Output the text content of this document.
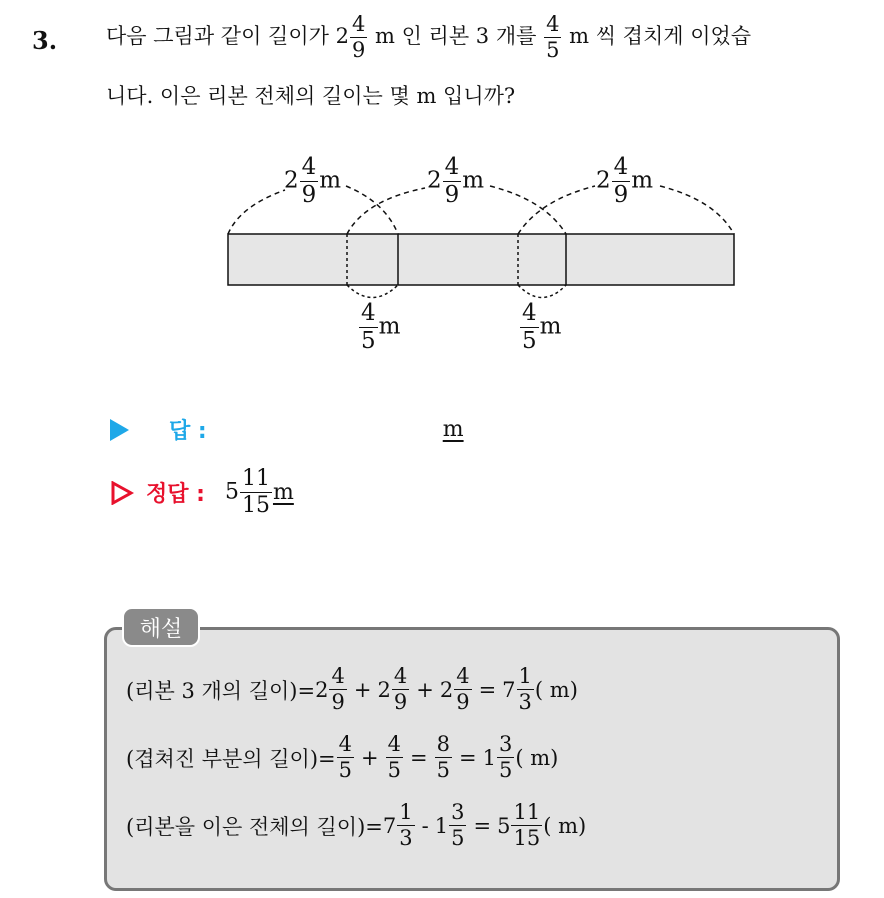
3. 다음 그림과 같이 길이가 $2 \frac{4}{9}$ m 인 리본 3 개를 $\frac{4}{5}$ m 씩 겹치게 이었습
니다. 이은 리본 전체의 길이는 몇 m 입니까?
$2 \frac{4}{9}$ m	$2 \frac{4}{9}$ m	$2 \frac{4}{9}$ m
$\frac{4}{5}$ m	$\frac{4}{5}$ m
답 :	m
정답 : $5 \frac{11}{15}$ m
해설
(리본 3 개의 길이)= $2 \frac{4}{9} + 2 \frac{4}{9} + 2 \frac{4}{9} = 7 \frac{1}{3}$ ( m)
(겹쳐진 부분의 길이)= $\frac{4}{5} + \frac{4}{5} = \frac{8}{5} = 1 \frac{3}{5}$ ( m)
(리본을 이은 전체의 길이)= $7 \frac{1}{3} - 1 \frac{3}{5} = 5 \frac{11}{15}$ ( m)
